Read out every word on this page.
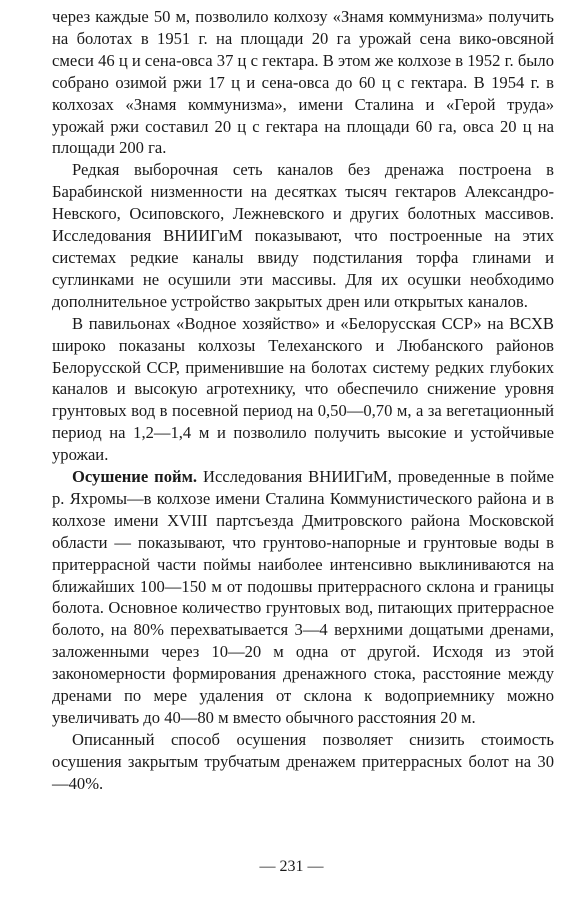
через каждые 50 м, позволило колхозу «Знамя коммунизма» получить на болотах в 1951 г. на площади 20 га урожай сена вико-овсяной смеси 46 ц и сена-овса 37 ц с гектара. В этом же колхозе в 1952 г. было собрано озимой ржи 17 ц и сена-овса до 60 ц с гектара. В 1954 г. в колхозах «Знамя коммунизма», имени Сталина и «Герой труда» урожай ржи составил 20 ц с гектара на площади 60 га, овса 20 ц на площади 200 га.

Редкая выборочная сеть каналов без дренажа построена в Барабинской низменности на десятках тысяч гектаров Александро-Невского, Осиповского, Лежневского и других болотных массивов. Исследования ВНИИГиМ показывают, что построенные на этих системах редкие каналы ввиду подстилания торфа глинами и суглинками не осушили эти массивы. Для их осушки необходимо дополнительное устройство закрытых дрен или открытых каналов.

В павильонах «Водное хозяйство» и «Белорусская ССР» на ВСХВ широко показаны колхозы Телеханского и Любанского районов Белорусской ССР, применившие на болотах систему редких глубоких каналов и высокую агротехнику, что обеспечило снижение уровня грунтовых вод в посевной период на 0,50—0,70 м, а за вегетационный период на 1,2—1,4 м и позволило получить высокие и устойчивые урожаи.

Осушение пойм. Исследования ВНИИГиМ, проведенные в пойме р. Яхромы—в колхозе имени Сталина Коммунистического района и в колхозе имени XVIII партсъезда Дмитровского района Московской области — показывают, что грунтово-напорные и грунтовые воды в притеррасной части поймы наиболее интенсивно выклиниваются на ближайших 100—150 м от подошвы притеррасного склона и границы болота. Основное количество грунтовых вод, питающих притеррасное болото, на 80% перехватывается 3—4 верхними дощатыми дренами, заложенными через 10—20 м одна от другой. Исходя из этой закономерности формирования дренажного стока, расстояние между дренами по мере удаления от склона к водоприемнику можно увеличивать до 40—80 м вместо обычного расстояния 20 м.

Описанный способ осушения позволяет снизить стоимость осушения закрытым трубчатым дренажем притеррасных болот на 30—40%.

— 231 —
